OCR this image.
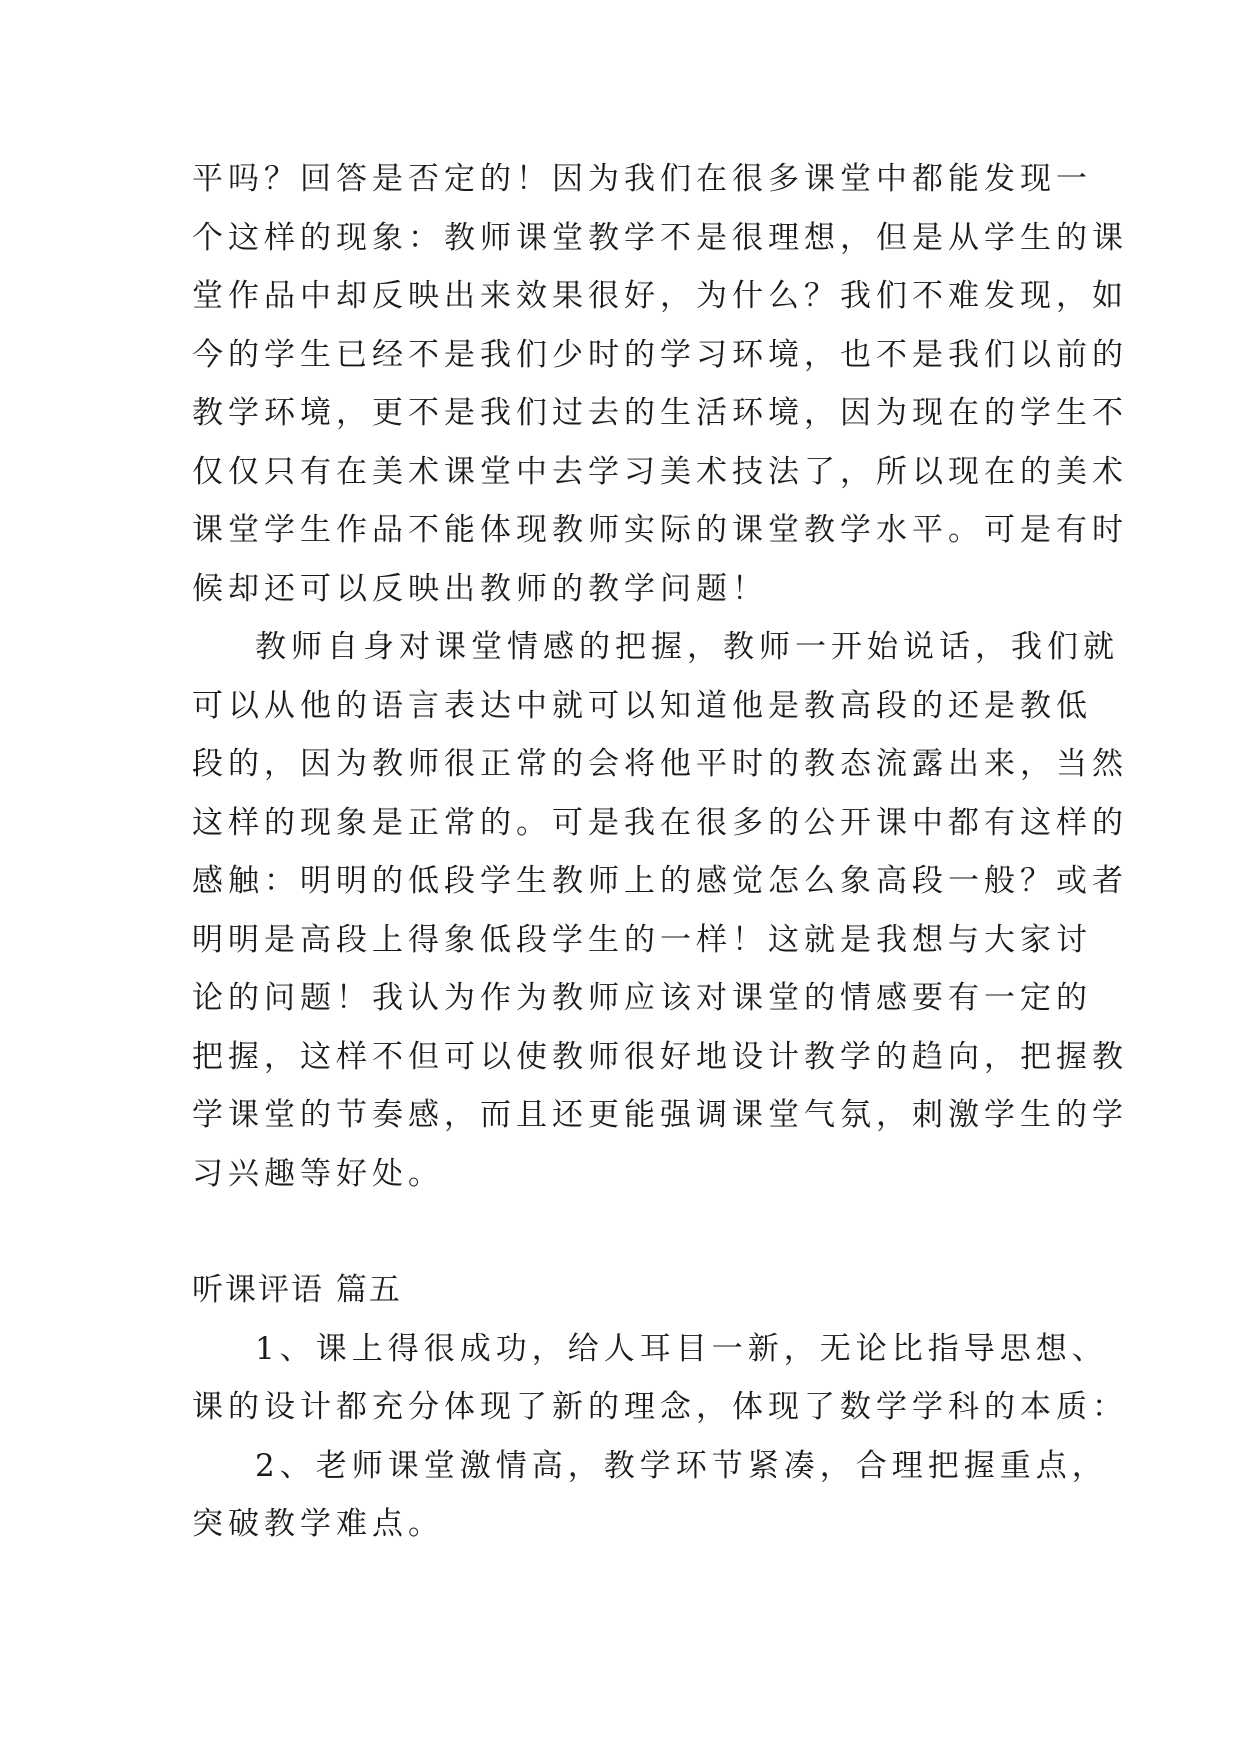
平吗？回答是否定的！因为我们在很多课堂中都能发现一
个这样的现象：教师课堂教学不是很理想，但是从学生的课
堂作品中却反映出来效果很好，为什么？我们不难发现，如
今的学生已经不是我们少时的学习环境，也不是我们以前的
教学环境，更不是我们过去的生活环境，因为现在的学生不
仅仅只有在美术课堂中去学习美术技法了，所以现在的美术
课堂学生作品不能体现教师实际的课堂教学水平。可是有时
候却还可以反映出教师的教学问题！
教师自身对课堂情感的把握，教师一开始说话，我们就
可以从他的语言表达中就可以知道他是教高段的还是教低
段的，因为教师很正常的会将他平时的教态流露出来，当然
这样的现象是正常的。可是我在很多的公开课中都有这样的
感触：明明的低段学生教师上的感觉怎么象高段一般？或者
明明是高段上得象低段学生的一样！这就是我想与大家讨
论的问题！我认为作为教师应该对课堂的情感要有一定的
把握，这样不但可以使教师很好地设计教学的趋向，把握教
学课堂的节奏感，而且还更能强调课堂气氛，刺激学生的学
习兴趣等好处。
听课评语 篇五
1、课上得很成功，给人耳目一新，无论比指导思想、
课的设计都充分体现了新的理念，体现了数学学科的本质：
2、老师课堂激情高，教学环节紧凑，合理把握重点，
突破教学难点。
